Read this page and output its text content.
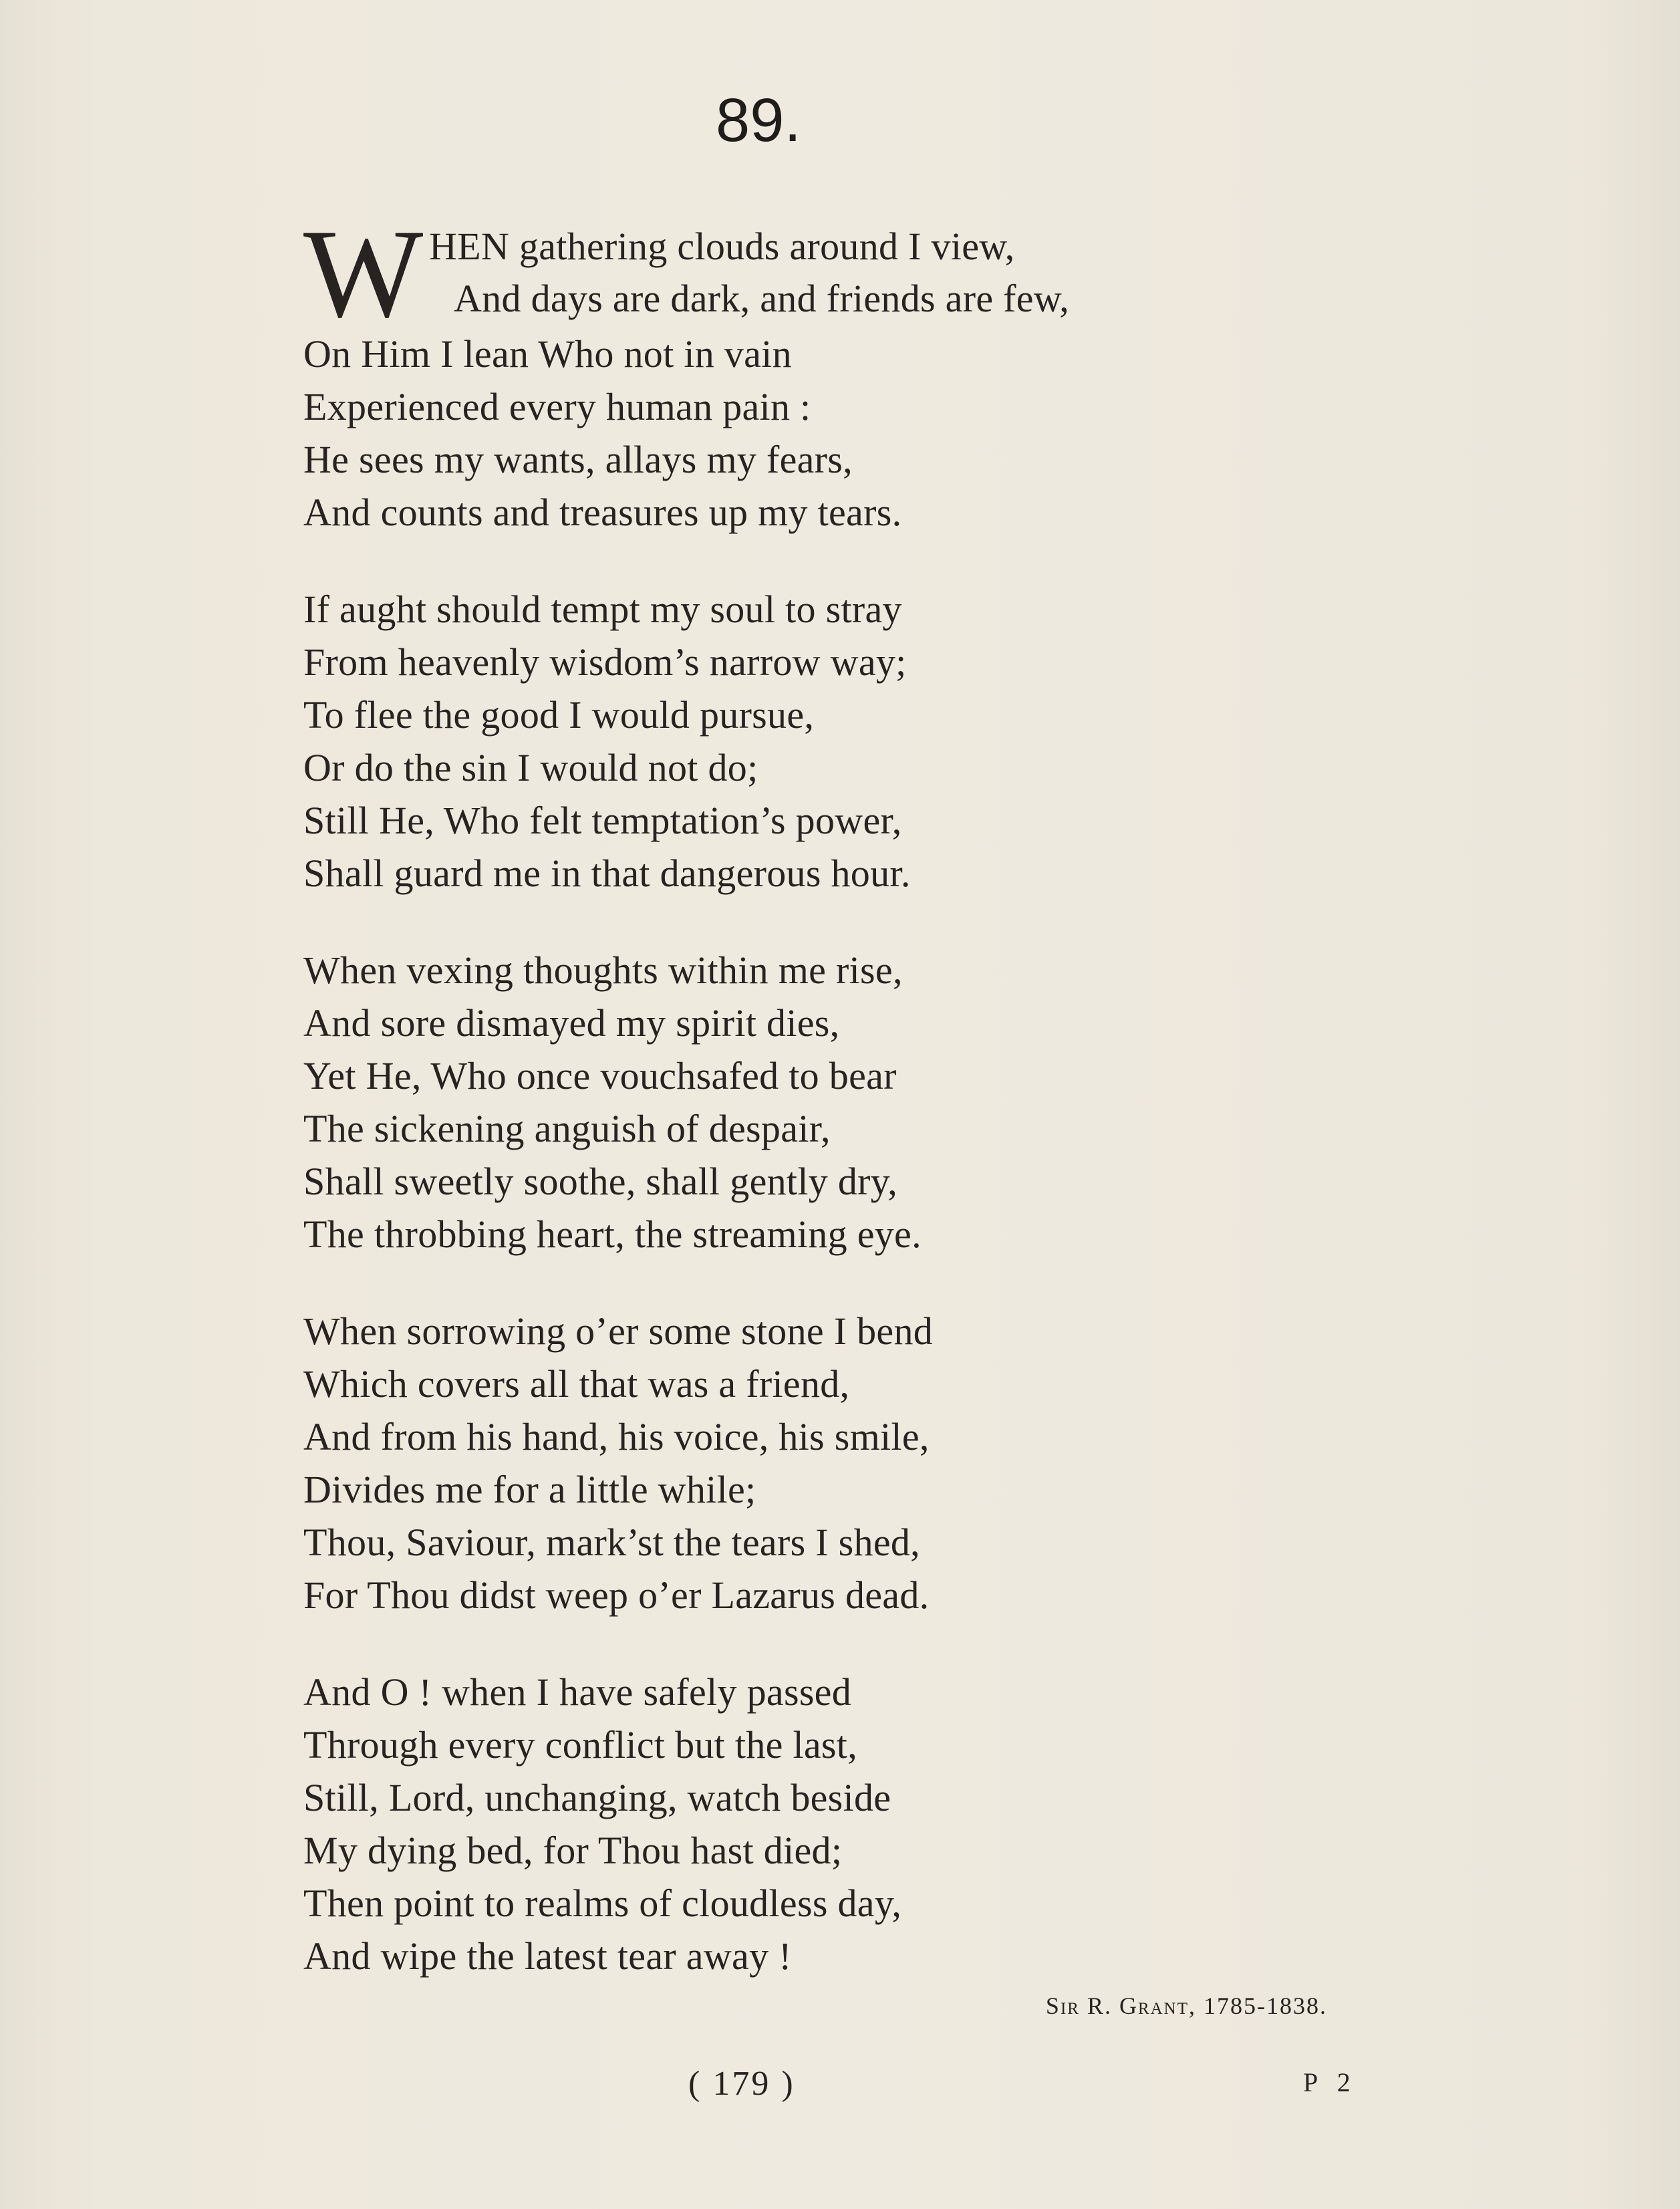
89.
W HEN gathering clouds around I view,
And days are dark, and friends are few,
On Him I lean Who not in vain
Experienced every human pain :
He sees my wants, allays my fears,
And counts and treasures up my tears.
If aught should tempt my soul to stray
From heavenly wisdom’s narrow way;
To flee the good I would pursue,
Or do the sin I would not do;
Still He, Who felt temptation’s power,
Shall guard me in that dangerous hour.
When vexing thoughts within me rise,
And sore dismayed my spirit dies,
Yet He, Who once vouchsafed to bear
The sickening anguish of despair,
Shall sweetly soothe, shall gently dry,
The throbbing heart, the streaming eye.
When sorrowing o’er some stone I bend
Which covers all that was a friend,
And from his hand, his voice, his smile,
Divides me for a little while;
Thou, Saviour, mark’st the tears I shed,
For Thou didst weep o’er Lazarus dead.
And O ! when I have safely passed
Through every conflict but the last,
Still, Lord, unchanging, watch beside
My dying bed, for Thou hast died;
Then point to realms of cloudless day,
And wipe the latest tear away !
Sir R. Grant, 1785-1838.
( 179 )	P 2
